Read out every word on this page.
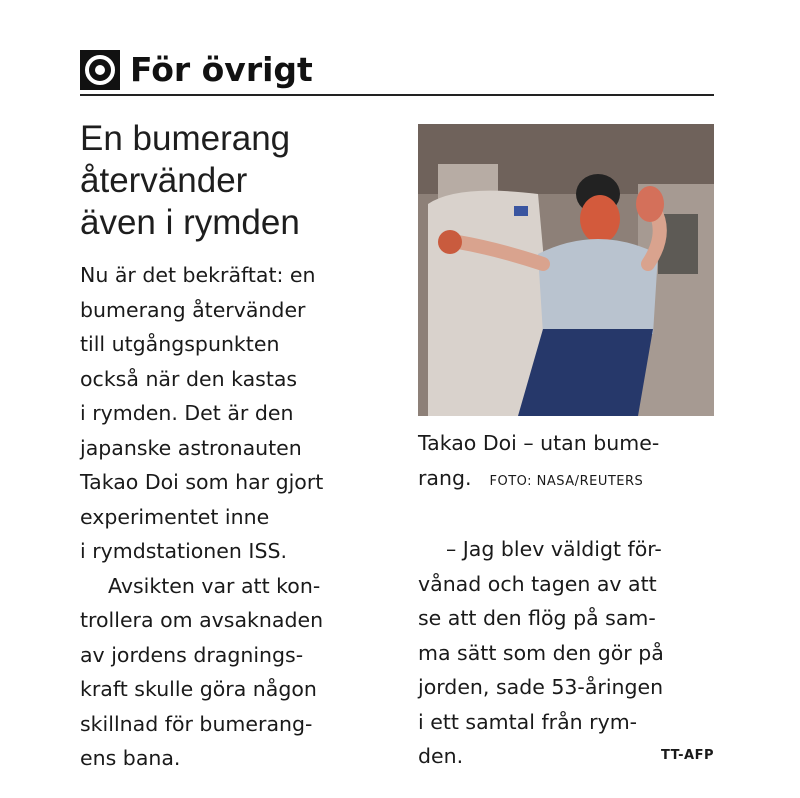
För övrigt
En bumerang
återvänder
även i rymden
Nu är det bekräftat: en
bumerang återvänder
till utgångspunkten
också när den kastas
i rymden. Det är den
japanske astronauten
Takao Doi som har gjort
experimentet inne
i rymdstationen ISS.
Avsikten var att kon-
trollera om avsaknaden
av jordens dragnings-
kraft skulle göra någon
skillnad för bumerang-
ens bana.
Takao Doi – utan bume-
rang. FOTO: NASA/REUTERS
– Jag blev väldigt för-
vånad och tagen av att
se att den flög på sam-
ma sätt som den gör på
jorden, sade 53-åringen
i ett samtal från rym-
den.	TT-AFP
